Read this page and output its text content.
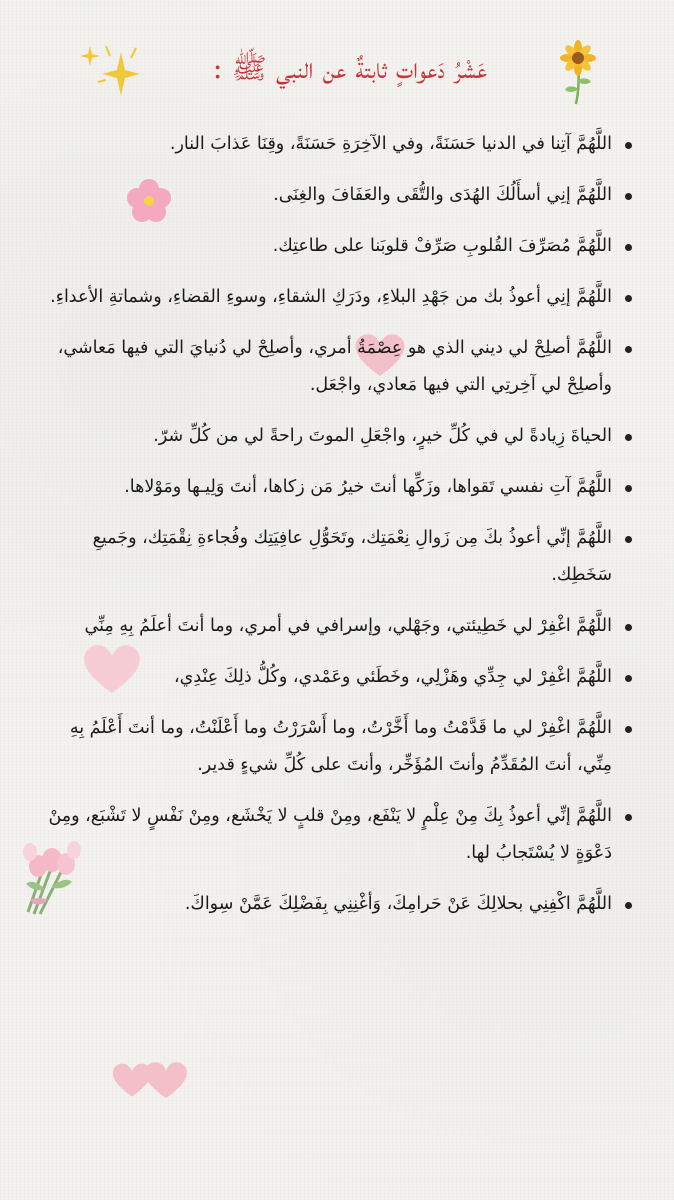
عَشْرُ دَعواتٍ ثابتةٌ عن النبي ﷺ :
اللَّهُمَّ آتِنا في الدنيا حَسَنَةً، وفي الآخِرَةِ حَسَنَةً، وقِنَا عَذابَ النار.
اللَّهُمَّ إنِي أسأَلُكَ الهُدَى والتُّقَى والعَفَافَ والغِنَى.
اللَّهُمَّ مُصَرِّفَ القُلوبِ صَرِّفْ قلوبَنا على طاعتِك.
اللَّهُمَّ إنِي أعوذُ بك من جَهْدِ البلاءِ، ودَرَكِ الشقاءِ، وسوءِ القضاءِ، وشماتةِ الأعداءِ.
اللَّهُمَّ أصلِحْ لي ديني الذي هو عِصْمَةُ أمري، وأصلِحْ لي دُنيايَ التي فيها مَعاشي، وأصلِحْ لي آخِرتِي التي فيها مَعادي، واجْعَل.
الحياةَ زِيادةً لي في كُلِّ خيرٍ، واجْعَلِ الموتَ راحةً لي من كُلِّ شرّ.
اللَّهُمَّ آتِ نفسي تَقواها، وزَكِّها أنتَ خيرُ مَن زكاها، أنتَ وَلِيـها ومَوْلاها.
اللَّهُمَّ إنِّي أعوذُ بكَ مِن زَوالِ نِعْمَتِك، وتَحَوُّلِ عافِيَتِك وفُجاءةِ نِقْمَتِك، وجَميعِ سَخَطِك.
اللَّهُمَّ اغْفِرْ لي خَطِيئتي، وجَهْلي، وإسرافي في أمري، وما أنتَ أعلَمُ بِهِ مِنِّي
اللَّهُمَّ اغْفِرْ لي جِدِّي وهَزْلِي، وخَطَئي وعَمْدي، وكُلُّ ذلِكَ عِنْدِي،
اللَّهُمَّ اغْفِرْ لي ما قَدَّمْتُ وما أَخَّرْتُ، وما أَسْرَرْتُ وما أَعْلَنْتُ، وما أنتَ أَعْلَمُ بِهِ مِنِّي، أنتَ المُقَدِّمُ وأنتَ المُؤَخِّر، وأنتَ على كُلِّ شيءٍ قدير.
اللَّهُمَّ إنِّي أعوذُ بِكَ مِنْ عِلْمٍ لا يَنْفَع، ومِنْ قلبٍ لا يَخْشَع، ومِنْ نَفْسٍ لا تَشْبَع، ومِنْ دَعْوَةٍ لا يُسْتَجابُ لها.
اللَّهُمَّ اكْفِنِي بحلالِكَ عَنْ حَرامِكَ، وَأغْنِنِي بِفَضْلِكَ عَمَّنْ سِواكَ.
